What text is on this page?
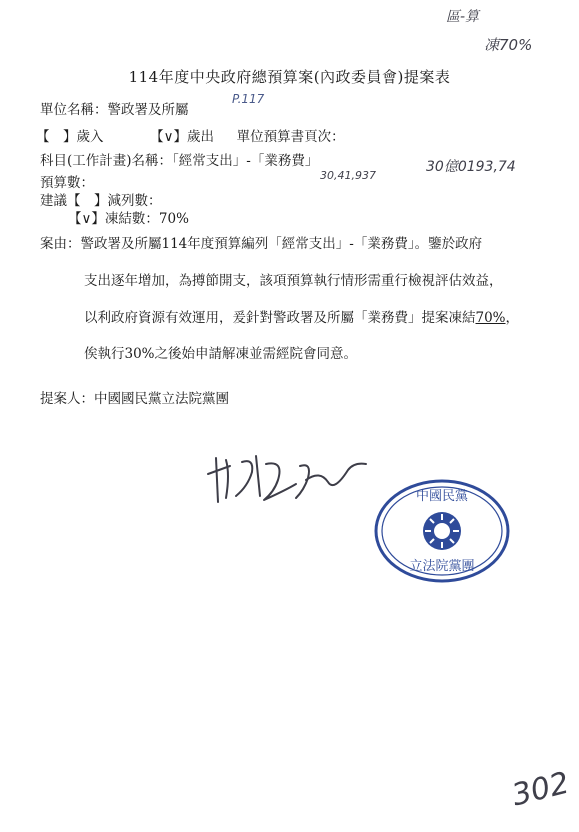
區-算
凍70%
114年度中央政府總預算案(內政委員會)提案表
單位名稱：警政署及所屬
P.117
【　】歲入	【∨】歲出 單位預算書頁次：
科目(工作計畫)名稱：「經常支出」-「業務費」	30億0193,74
預算數：	30,41,937
建議【　】減列數：
【∨】凍結數：70%
案由：警政署及所屬114年度預算編列「經常支出」-「業務費」。鑒於政府
支出逐年增加，為撙節開支，該項預算執行情形需重行檢視評估效益，
以利政府資源有效運用，爰針對警政署及所屬「業務費」提案凍結70%，
俟執行30%之後始申請解凍並需經院會同意。
提案人：中國國民黨立法院黨團
中國民黨
立法院黨團
302
